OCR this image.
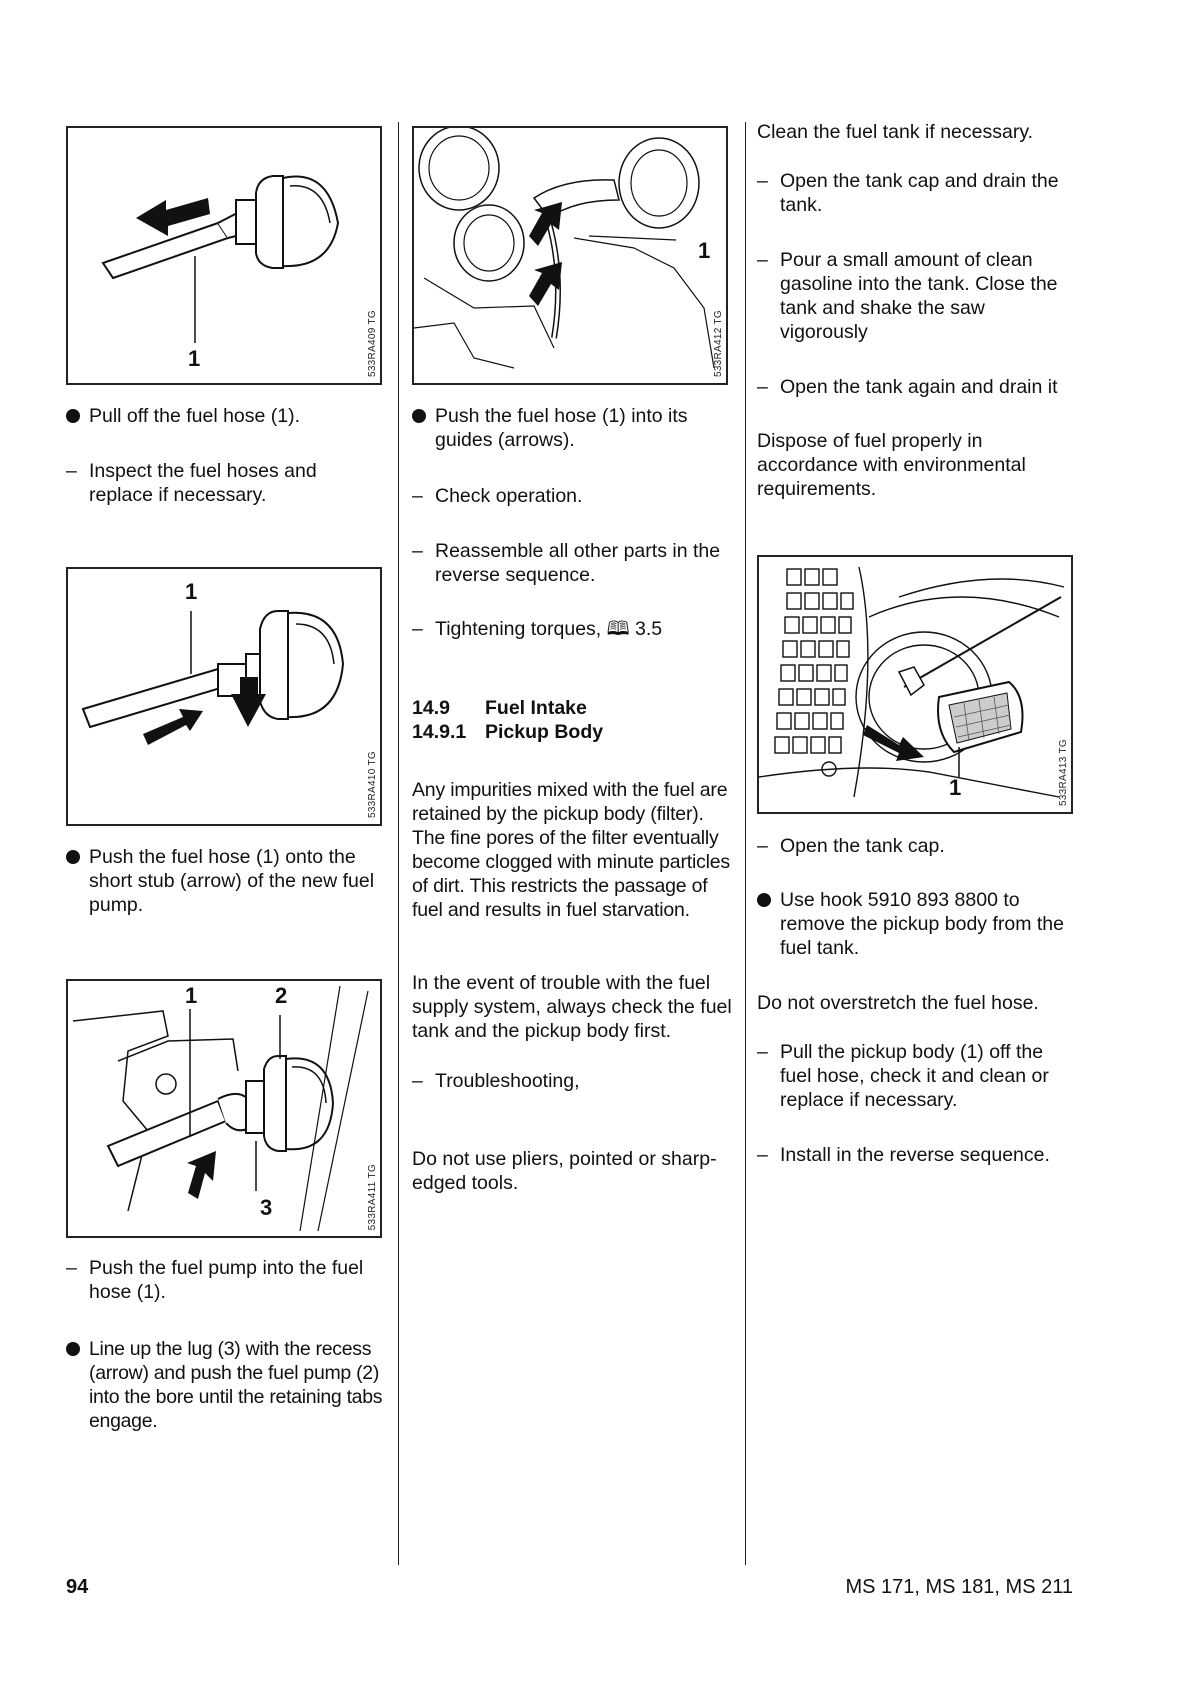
1	533RA409 TG
Pull off the fuel hose (1).
– Inspect the fuel hoses and replace if necessary.
1
533RA410 TG
Push the fuel hose (1) onto the short stub (arrow) of the new fuel pump.
1	2
3	533RA411 TG
– Push the fuel pump into the fuel hose (1).
Line up the lug (3) with the recess (arrow) and push the fuel pump (2) into the bore until the retaining tabs engage.
1
533RA412 TG
Push the fuel hose (1) into its guides (arrows).
– Check operation.
– Reassemble all other parts in the reverse sequence.
– Tightening torques, 🕮 3.5
14.9 Fuel Intake
14.9.1 Pickup Body
Any impurities mixed with the fuel are retained by the pickup body (filter). The fine pores of the filter eventually become clogged with minute particles of dirt. This restricts the passage of fuel and results in fuel starvation.
In the event of trouble with the fuel supply system, always check the fuel tank and the pickup body first.
– Troubleshooting,
Do not use pliers, pointed or sharp-edged tools.
Clean the fuel tank if necessary.
– Open the tank cap and drain the tank.
– Pour a small amount of clean gasoline into the tank. Close the tank and shake the saw vigorously
– Open the tank again and drain it
Dispose of fuel properly in accordance with environmental requirements.
1	533RA413 TG
– Open the tank cap.
Use hook 5910 893 8800 to remove the pickup body from the fuel tank.
Do not overstretch the fuel hose.
– Pull the pickup body (1) off the fuel hose, check it and clean or replace if necessary.
– Install in the reverse sequence.
94	MS 171, MS 181, MS 211
